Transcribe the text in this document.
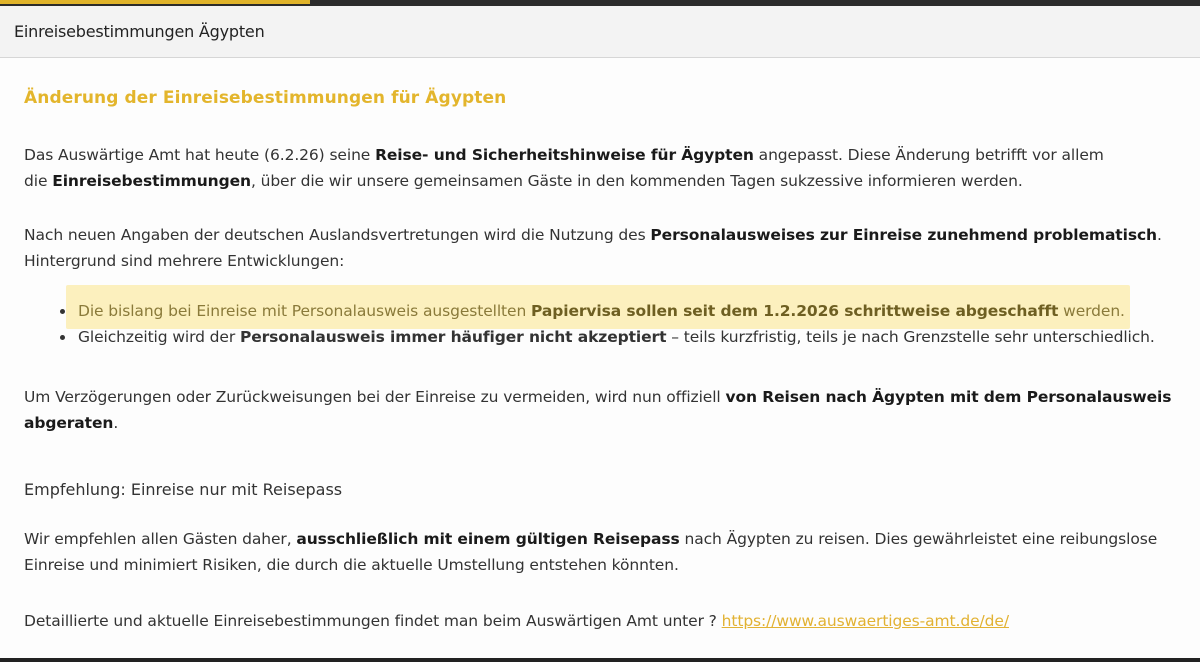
Einreisebestimmungen Ägypten
Änderung der Einreisebestimmungen für Ägypten
Das Auswärtige Amt hat heute (6.2.26) seine Reise- und Sicherheitshinweise für Ägypten angepasst. Diese Änderung betrifft vor allem
die Einreisebestimmungen, über die wir unsere gemeinsamen Gäste in den kommenden Tagen sukzessive informieren werden.
Nach neuen Angaben der deutschen Auslandsvertretungen wird die Nutzung des Personalausweises zur Einreise zunehmend problematisch.
Hintergrund sind mehrere Entwicklungen:
Die bislang bei Einreise mit Personalausweis ausgestellten Papiervisa sollen seit dem 1.2.2026 schrittweise abgeschafft werden.
Gleichzeitig wird der Personalausweis immer häufiger nicht akzeptiert – teils kurzfristig, teils je nach Grenzstelle sehr unterschiedlich.
Um Verzögerungen oder Zurückweisungen bei der Einreise zu vermeiden, wird nun offiziell von Reisen nach Ägypten mit dem Personalausweis
abgeraten.
Empfehlung: Einreise nur mit Reisepass
Wir empfehlen allen Gästen daher, ausschließlich mit einem gültigen Reisepass nach Ägypten zu reisen. Dies gewährleistet eine reibungslose
Einreise und minimiert Risiken, die durch die aktuelle Umstellung entstehen könnten.
Detaillierte und aktuelle Einreisebestimmungen findet man beim Auswärtigen Amt unter ? https://www.auswaertiges-amt.de/de/
